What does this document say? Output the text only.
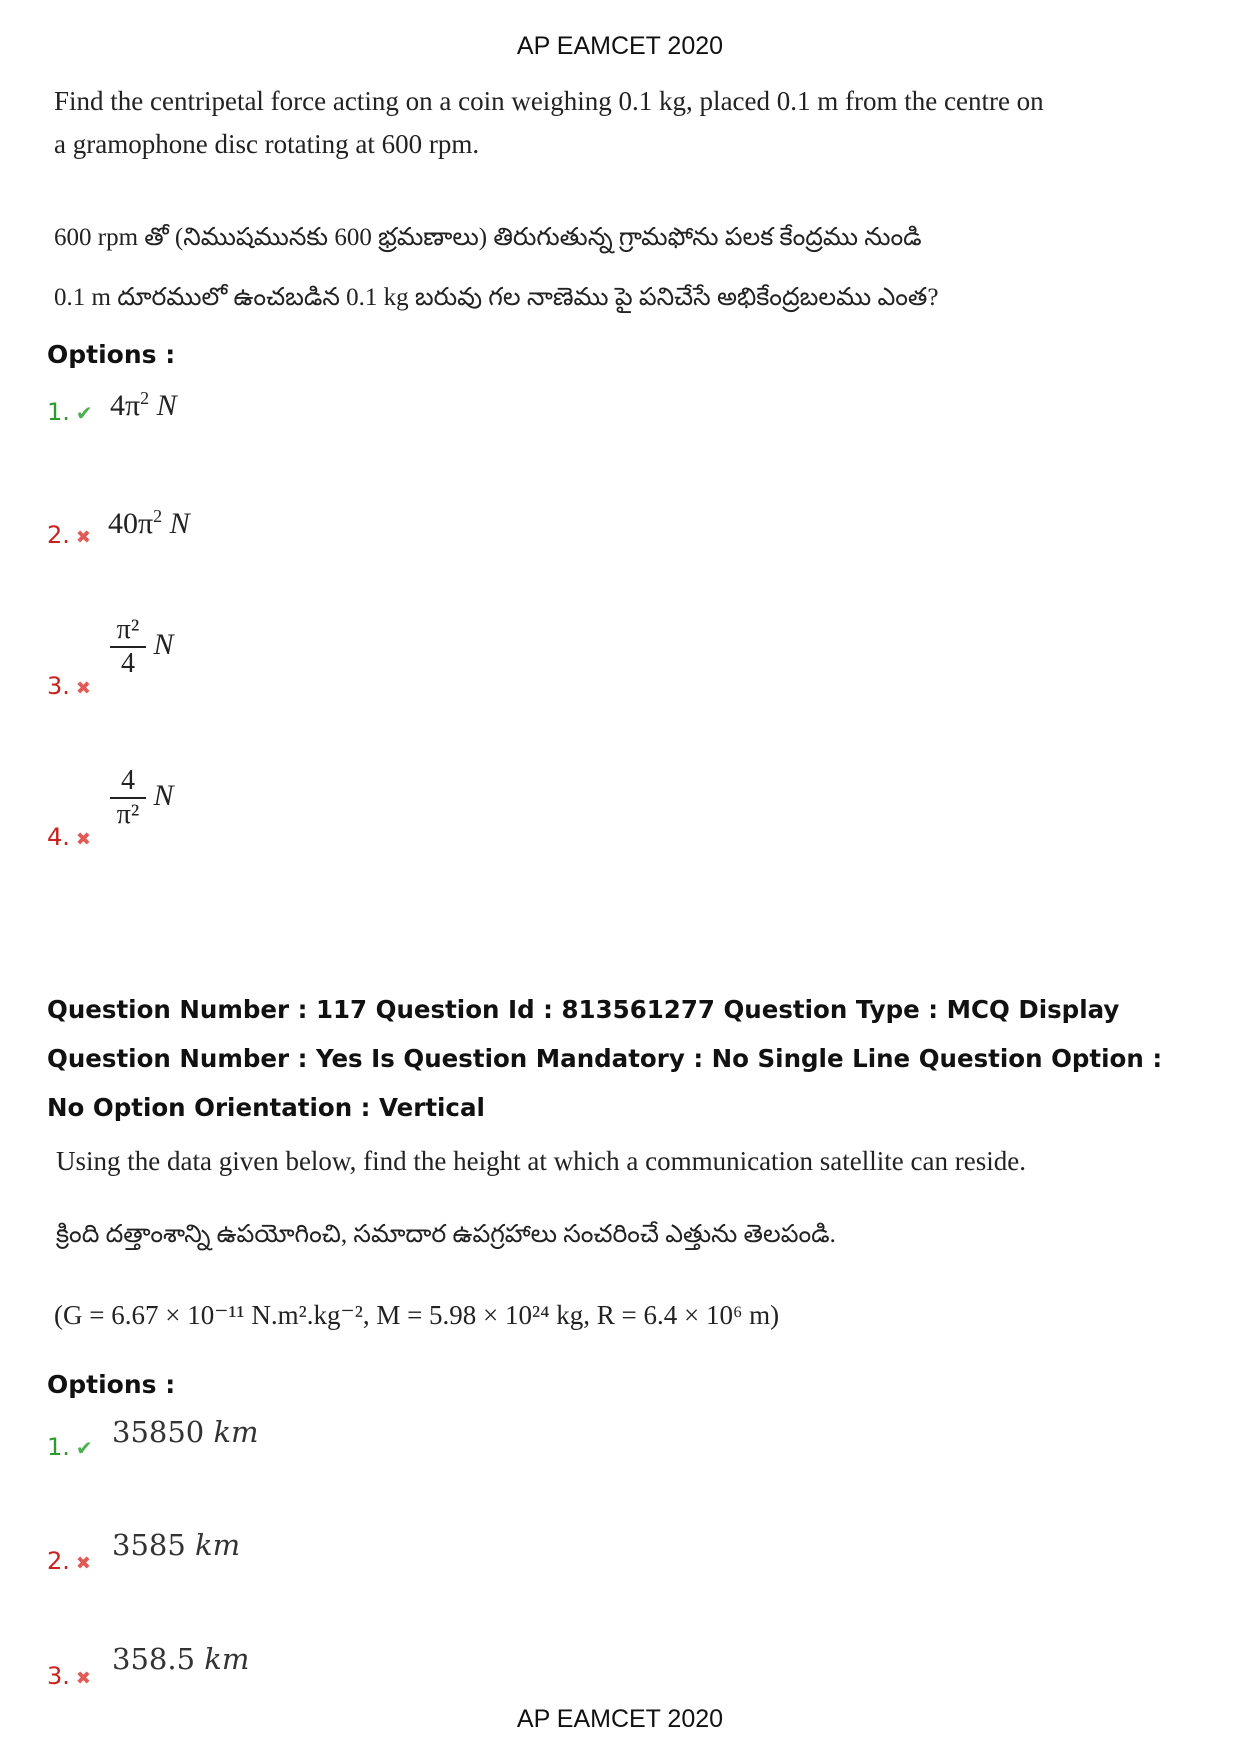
AP EAMCET 2020
Find the centripetal force acting on a coin weighing 0.1 kg, placed 0.1 m from the centre on
a gramophone disc rotating at 600 rpm.
600 rpm తో (నిముషమునకు 600 భ్రమణాలు) తిరుగుతున్న గ్రామఫోను పలక కేంద్రము నుండి
0.1 m దూరములో ఉంచబడిన 0.1 kg బరువు గల నాణెము పై పనిచేసే అభికేంద్రబలము ఎంత?
Options :
1. ✔ $4\pi^2$ N
2. ✖ $40\pi^2$ N
3. ✖
$\frac{\text{π²}}{4}$ N
4. ✖
$\frac{4}{\text{π²}}$ N
Question Number : 117 Question Id : 813561277 Question Type : MCQ Display Question Number : Yes Is Question Mandatory : No Single Line Question Option : No Option Orientation : Vertical
Using the data given below, find the height at which a communication satellite can reside.
క్రింది దత్తాంశాన్ని ఉపయోగించి, సమాదార ఉపగ్రహాలు సంచరించే ఎత్తును తెలపండి.
(G = 6.67 × 10⁻¹¹ N.m².kg⁻², M = 5.98 × 10²⁴ kg, R = 6.4 × 10⁶ m)
Options :
1. ✔ 35850 km
2. ✖
3585 km
3. ✖
358.5 km
AP EAMCET 2020
